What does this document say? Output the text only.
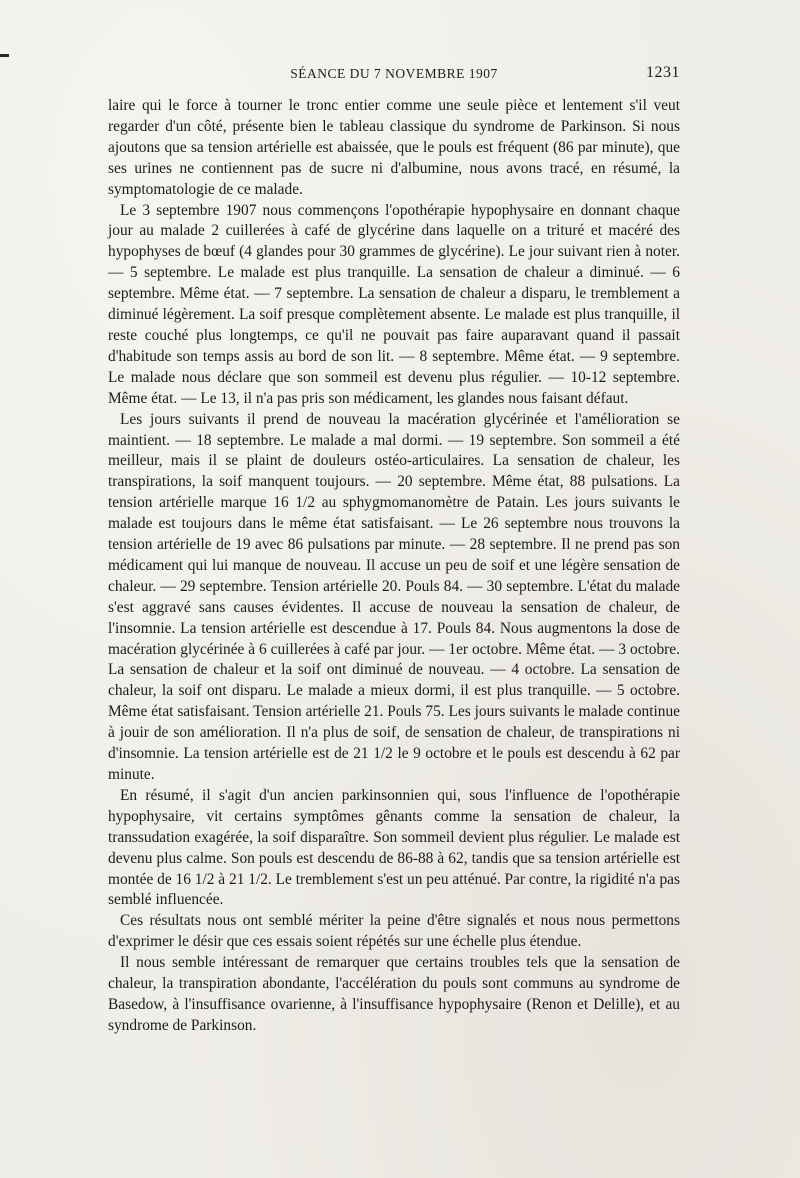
SÉANCE DU 7 NOVEMBRE 1907	1231

laire qui le force à tourner le tronc entier comme une seule pièce et lentement s'il veut regarder d'un côté, présente bien le tableau classique du syndrome de Parkinson. Si nous ajoutons que sa tension artérielle est abaissée, que le pouls est fréquent (86 par minute), que ses urines ne contiennent pas de sucre ni d'albumine, nous avons tracé, en résumé, la symptomatologie de ce malade.

Le 3 septembre 1907 nous commençons l'opothérapie hypophysaire en donnant chaque jour au malade 2 cuillerées à café de glycérine dans laquelle on a trituré et macéré des hypophyses de bœuf (4 glandes pour 30 grammes de glycérine). Le jour suivant rien à noter. — 5 septembre. Le malade est plus tranquille. La sensation de chaleur a diminué. — 6 septembre. Même état. — 7 septembre. La sensation de chaleur a disparu, le tremblement a diminué légèrement. La soif presque complètement absente. Le malade est plus tranquille, il reste couché plus longtemps, ce qu'il ne pouvait pas faire auparavant quand il passait d'habitude son temps assis au bord de son lit. — 8 septembre. Même état. — 9 septembre. Le malade nous déclare que son sommeil est devenu plus régulier. — 10-12 septembre. Même état. — Le 13, il n'a pas pris son médicament, les glandes nous faisant défaut.

Les jours suivants il prend de nouveau la macération glycérinée et l'amélioration se maintient. — 18 septembre. Le malade a mal dormi. — 19 septembre. Son sommeil a été meilleur, mais il se plaint de douleurs ostéo-articulaires. La sensation de chaleur, les transpirations, la soif manquent toujours. — 20 septembre. Même état, 88 pulsations. La tension artérielle marque 16 1/2 au sphygmomanomètre de Patain. Les jours suivants le malade est toujours dans le même état satisfaisant. — Le 26 septembre nous trouvons la tension artérielle de 19 avec 86 pulsations par minute. — 28 septembre. Il ne prend pas son médicament qui lui manque de nouveau. Il accuse un peu de soif et une légère sensation de chaleur. — 29 septembre. Tension artérielle 20. Pouls 84. — 30 septembre. L'état du malade s'est aggravé sans causes évidentes. Il accuse de nouveau la sensation de chaleur, de l'insomnie. La tension artérielle est descendue à 17. Pouls 84. Nous augmentons la dose de macération glycérinée à 6 cuillerées à café par jour. — 1er octobre. Même état. — 3 octobre. La sensation de chaleur et la soif ont diminué de nouveau. — 4 octobre. La sensation de chaleur, la soif ont disparu. Le malade a mieux dormi, il est plus tranquille. — 5 octobre. Même état satisfaisant. Tension artérielle 21. Pouls 75. Les jours suivants le malade continue à jouir de son amélioration. Il n'a plus de soif, de sensation de chaleur, de transpirations ni d'insomnie. La tension artérielle est de 21 1/2 le 9 octobre et le pouls est descendu à 62 par minute.

En résumé, il s'agit d'un ancien parkinsonnien qui, sous l'influence de l'opothérapie hypophysaire, vit certains symptômes gênants comme la sensation de chaleur, la transsudation exagérée, la soif disparaître. Son sommeil devient plus régulier. Le malade est devenu plus calme. Son pouls est descendu de 86-88 à 62, tandis que sa tension artérielle est montée de 16 1/2 à 21 1/2. Le tremblement s'est un peu atténué. Par contre, la rigidité n'a pas semblé influencée.

Ces résultats nous ont semblé mériter la peine d'être signalés et nous nous permettons d'exprimer le désir que ces essais soient répétés sur une échelle plus étendue.

Il nous semble intéressant de remarquer que certains troubles tels que la sensation de chaleur, la transpiration abondante, l'accélération du pouls sont communs au syndrome de Basedow, à l'insuffisance ovarienne, à l'insuffisance hypophysaire (Renon et Delille), et au syndrome de Parkinson.
